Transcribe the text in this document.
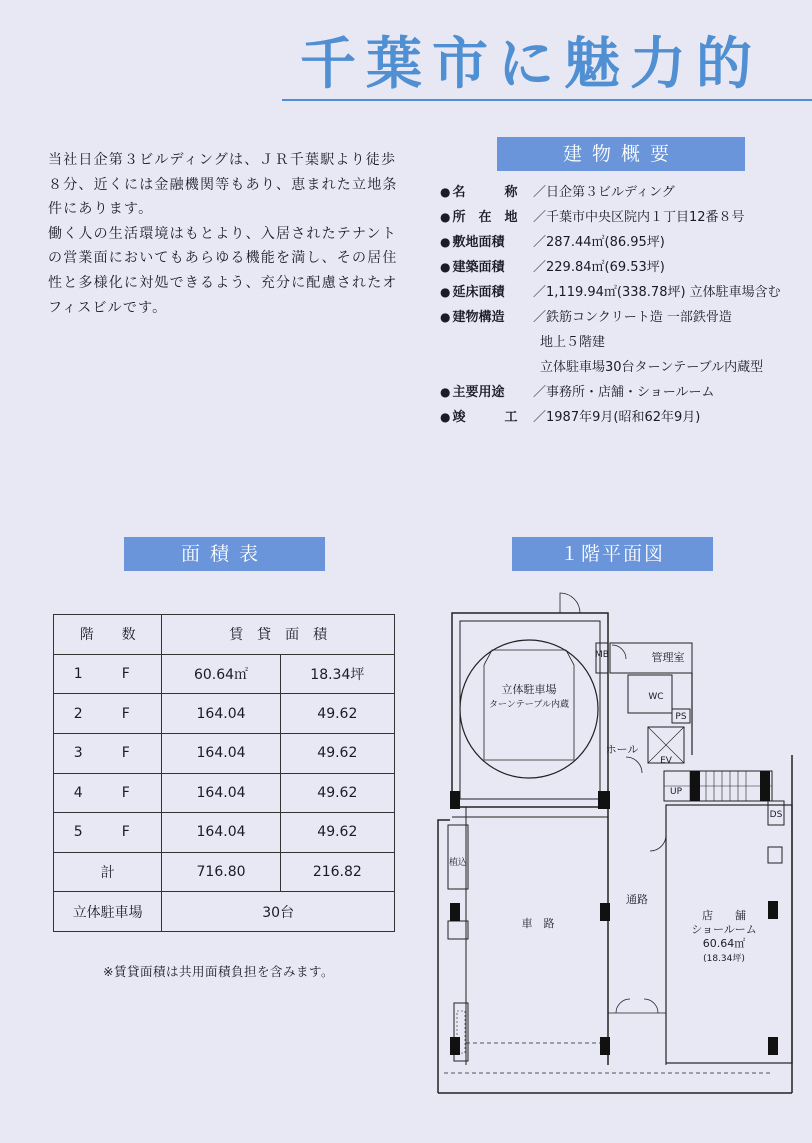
千葉市に魅力的

当社日企第３ビルディングは、ＪＲ千葉駅より徒歩８分、近くには金融機関等もあり、恵まれた立地条件にあります。

働く人の生活環境はもとより、入居されたテナントの営業面においてもあらゆる機能を満し、その居住性と多様化に対処できるよう、充分に配慮されたオフィスビルです。

建物概要
● 名　　　称	／ 日企第３ビルディング
● 所　在　地	／ 千葉市中央区院内１丁目12番８号
● 敷地面積	／ 287.44㎡(86.95坪)
● 建築面積	／ 229.84㎡(69.53坪)
● 延床面積	／ 1,119.94㎡(338.78坪) 立体駐車場含む
● 建物構造	／ 鉄筋コンクリート造 一部鉄骨造
地上５階建
立体駐車場30台ターンテーブル内蔵型
● 主要用途	／ 事務所・店舗・ショールーム
● 竣　　　工	／ 1987年9月(昭和62年9月)
面積表	１階平面図
階　　数	賃　貸　面　積	
1 F	60.64㎡	18.34坪
2 F	164.04	49.62
3 F	164.04	49.62
4 F	164.04	49.62
5 F	164.04	49.62
計	716.80	216.82
立体駐車場	30台	
※賃貸面積は共用面積負担を含みます。
立体駐車場
ターンテーブル内蔵
MB	管理室
WC
PS
ホール
EV
UP
DS
植込
車　路
通路
店　　舗
ショールーム
60.64㎡
(18.34坪)
